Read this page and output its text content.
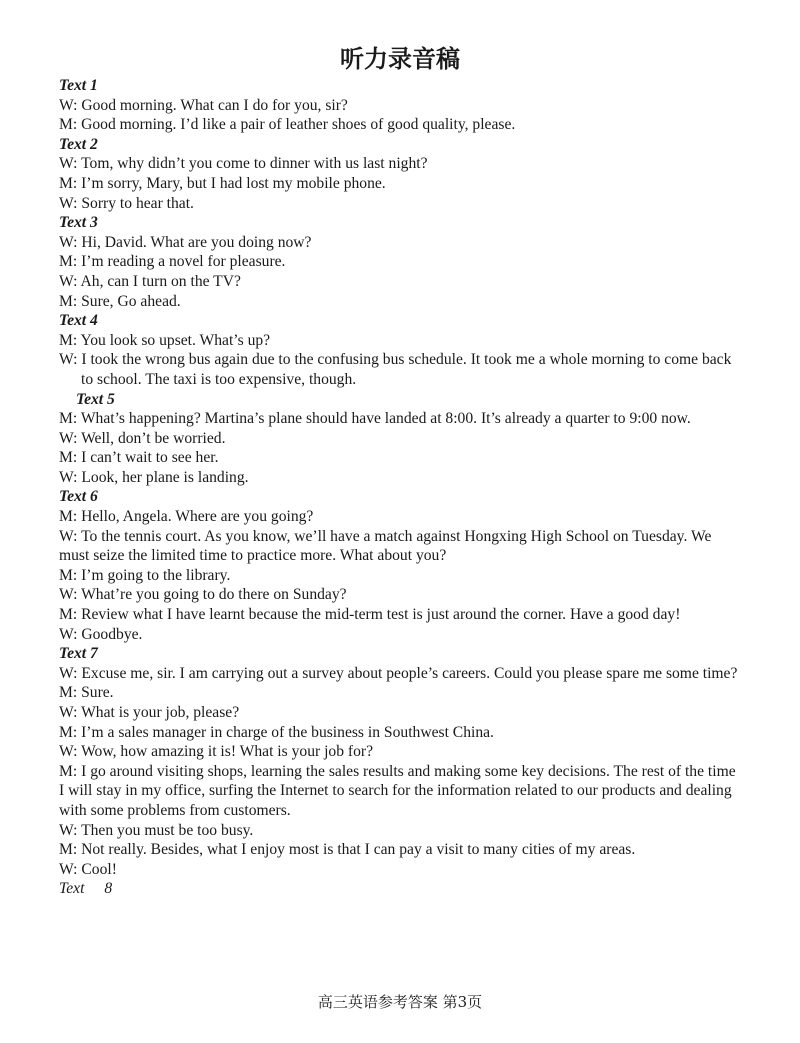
听力录音稿
Text 1
W: Good morning. What can I do for you, sir?
M: Good morning. I’d like a pair of leather shoes of good quality, please.
Text 2
W: Tom, why didn’t you come to dinner with us last night?
M: I’m sorry, Mary, but I had lost my mobile phone.
W: Sorry to hear that.
Text 3
W: Hi, David. What are you doing now?
M: I’m reading a novel for pleasure.
W: Ah, can I turn on the TV?
M: Sure, Go ahead.
Text 4
M: You look so upset. What’s up?
W: I took the wrong bus again due to the confusing bus schedule. It took me a whole morning to come back to school. The taxi is too expensive, though.
Text 5
M: What’s happening? Martina’s plane should have landed at 8:00. It’s already a quarter to 9:00 now.
W: Well, don’t be worried.
M: I can’t wait to see her.
W: Look, her plane is landing.
Text 6
M: Hello, Angela. Where are you going?
W: To the tennis court. As you know, we’ll have a match against Hongxing High School on Tuesday. We must seize the limited time to practice more. What about you?
M: I’m going to the library.
W: What’re you going to do there on Sunday?
M: Review what I have learnt because the mid-term test is just around the corner. Have a good day!
W: Goodbye.
Text 7
W: Excuse me, sir. I am carrying out a survey about people’s careers. Could you please spare me some time?
M: Sure.
W: What is your job, please?
M: I’m a sales manager in charge of the business in Southwest China.
W: Wow, how amazing it is! What is your job for?
M: I go around visiting shops, learning the sales results and making some key decisions. The rest of the time I will stay in my office, surfing the Internet to search for the information related to our products and dealing with some problems from customers.
W: Then you must be too busy.
M: Not really. Besides, what I enjoy most is that I can pay a visit to many cities of my areas.
W: Cool!
Text 8
高三英语参考答案 第3页
